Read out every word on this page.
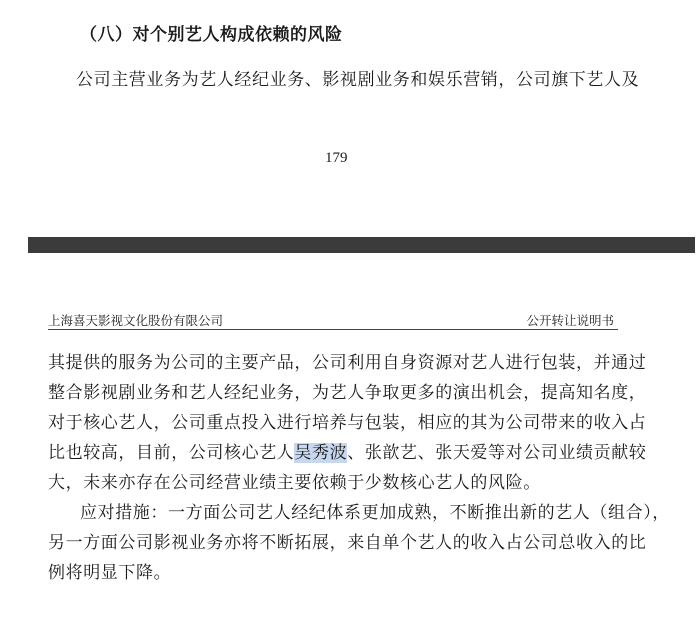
（八）对个别艺人构成依赖的风险
公司主营业务为艺人经纪业务、影视剧业务和娱乐营销，公司旗下艺人及
179
上海喜天影视文化股份有限公司	公开转让说明书
其提供的服务为公司的主要产品，公司利用自身资源对艺人进行包装，并通过
整合影视剧业务和艺人经纪业务，为艺人争取更多的演出机会，提高知名度，
对于核心艺人，公司重点投入进行培养与包装，相应的其为公司带来的收入占
比也较高，目前，公司核心艺人吴秀波、张歆艺、张天爱等对公司业绩贡献较
大，未来亦存在公司经营业绩主要依赖于少数核心艺人的风险。
应对措施：一方面公司艺人经纪体系更加成熟，不断推出新的艺人（组合），
另一方面公司影视业务亦将不断拓展，来自单个艺人的收入占公司总收入的比
例将明显下降。
